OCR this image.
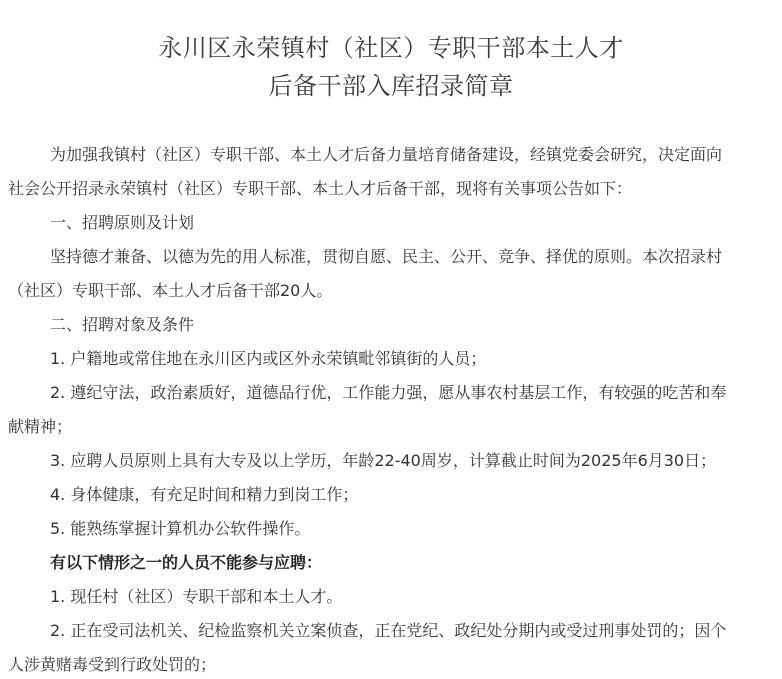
永川区永荣镇村（社区）专职干部本土人才
后备干部入库招录简章
为加强我镇村（社区）专职干部、本土人才后备力量培育储备建设，经镇党委会研究，决定面向
社会公开招录永荣镇村（社区）专职干部、本土人才后备干部，现将有关事项公告如下：
一、招聘原则及计划
坚持德才兼备、以德为先的用人标准，贯彻自愿、民主、公开、竞争、择优的原则。本次招录村
（社区）专职干部、本土人才后备干部20人。
二、招聘对象及条件
1. 户籍地或常住地在永川区内或区外永荣镇毗邻镇街的人员；
2. 遵纪守法，政治素质好，道德品行优，工作能力强，愿从事农村基层工作，有较强的吃苦和奉
献精神；
3. 应聘人员原则上具有大专及以上学历，年龄22-40周岁，计算截止时间为2025年6月30日；
4. 身体健康，有充足时间和精力到岗工作；
5. 能熟练掌握计算机办公软件操作。
有以下情形之一的人员不能参与应聘：
1. 现任村（社区）专职干部和本土人才。
2. 正在受司法机关、纪检监察机关立案侦查，正在党纪、政纪处分期内或受过刑事处罚的；因个
人涉黄赌毒受到行政处罚的；
